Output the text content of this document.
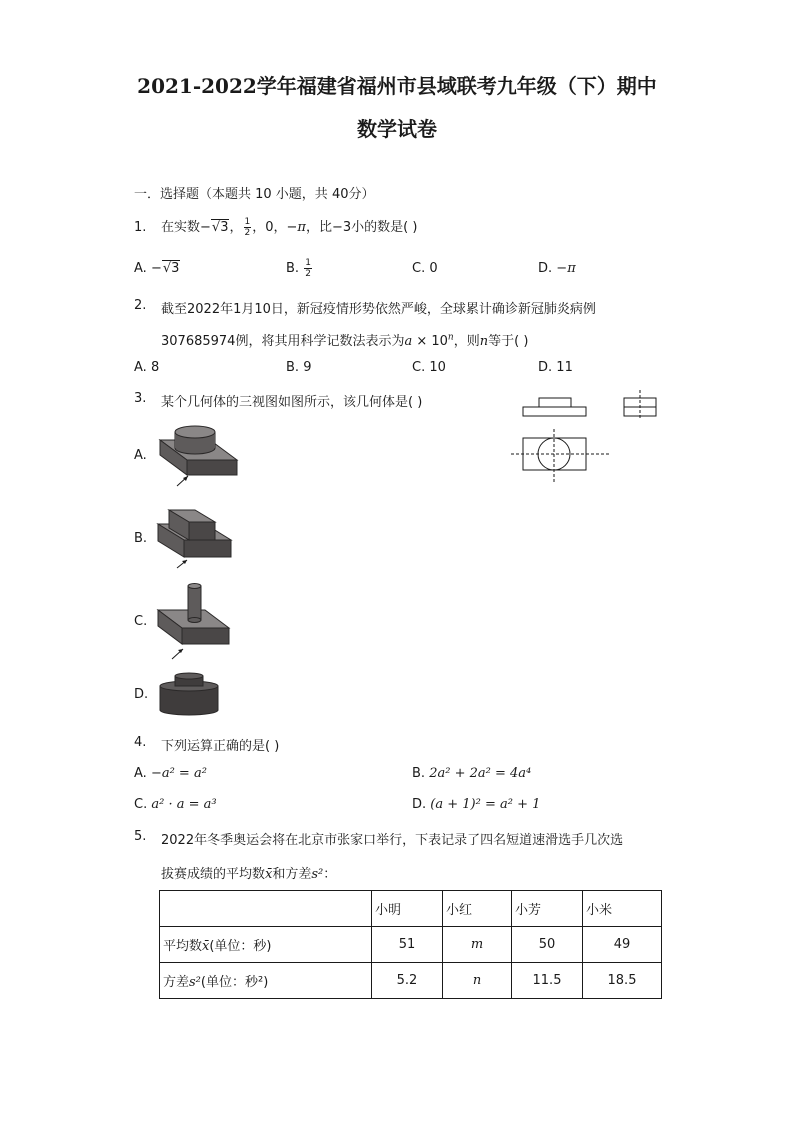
2021-2022学年福建省福州市县域联考九年级（下）期中
数学试卷
一．选择题（本题共 10 小题，共 40分）
1. 在实数−√3， $\frac{1}{2}$ ，0，−π，比−3小的数是( )
A. −√3	B. $\frac{1}{2}$	C. 0	D. −π
2. 截至2022年1月10日，新冠疫情形势依然严峻，全球累计确诊新冠肺炎病例
307685974例，将其用科学记数法表示为$a \times 10^n$，则n等于( )
A. 8	B. 9	C. 10	D. 11
3. 某个几何体的三视图如图所示，该几何体是( )
A.
B.
C.
D.
4. 下列运算正确的是( )
A. −a² = a²	B. 2a² + 2a² = 4a⁴
C. a² · a = a³	D. (a + 1)² = a² + 1
5. 2022年冬季奥运会将在北京市张家口举行，下表记录了四名短道速滑选手几次选
拔赛成绩的平均数x̄和方差s²：
	小明	小红	小芳	小米
平均数x̄(单位：秒)	51	m	50	49
方差s²(单位：秒²)	5.2	n	11.5	18.5
